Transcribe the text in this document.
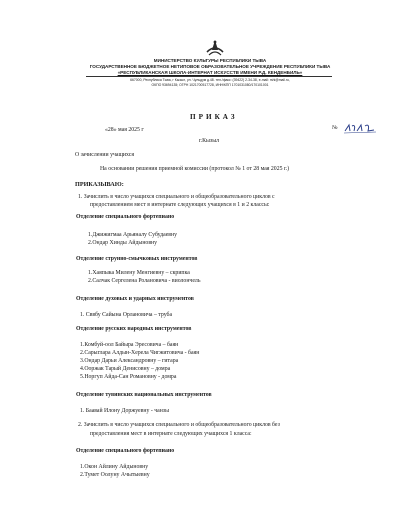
МИНИСТЕРСТВО КУЛЬТУРЫ РЕСПУБЛИКИ ТЫВА
ГОСУДАРСТВЕННОЕ БЮДЖЕТНОЕ НЕТИПОВОЕ ОБРАЗОВАТЕЛЬНОЕ УЧРЕЖДЕНИЕ РЕСПУБЛИКИ ТЫВА
«РЕСПУБЛИКАНСКАЯ ШКОЛА-ИНТЕРНАТ ИСКУССТВ ИМЕНИ Р.Д. КЕНДЕНБИЛЬ»
667000, Республика Тыва, г Кызыл, ул. Чульдум д.48. тел./факс: (39422) 2-34-38, e-mail: rshi@mail.ru,
ОКПО 93694135; ОГРН 1021700517728, ИНН/КПП 1701031080/170101001
ПРИКАЗ
«28» мая 2025 г	№
г.Кызыл
О зачислении учащихся
На основании решения приемной комиссии (протокол № 1 от 28 мая 2025 г.)
ПРИКАЗЫВАЮ:
1. Зачислить в число учащихся специального и общеобразовательного циклов с
предоставлением мест в интернате следующих учащихся в 1 и 2 классы:
Отделение специального фортепиано
1.Джижигмаа Арьяналу Субудаевну
2.Ондар Хинды Айдыновну
Отделение струнно-смычковых инструментов
1.Хаяпыка Милену Менгиевну – скрипка
2.Салчак Сергелена Ролановича - виолончель
Отделение духовых и ударных инструментов
1. Сввбу Сайына Орлановича – труба
Отделение русских народных инструментов
1.Комбуй-оол Байыра Эресовича – баян
2.Сарыглара Алдын-Херела Чигжитовича - баян
3.Ондар Дарьи Александровну – гитара
4.Ооржак Тарый Денисовну – домра
5.Норгуп Айда-Сан Романовну - домра
Отделение тувинских национальных инструментов
1. Баавай Илону Доржуевну - чанзы
2. Зачислить в число учащихся специального и общеобразовательного циклов без
предоставления мест в интернате следующих учащихся 1 класса:
Отделение специального фортепиано
1.Окон Айлину Айдыновну
2.Тумет Оолуну Ачытыевну
